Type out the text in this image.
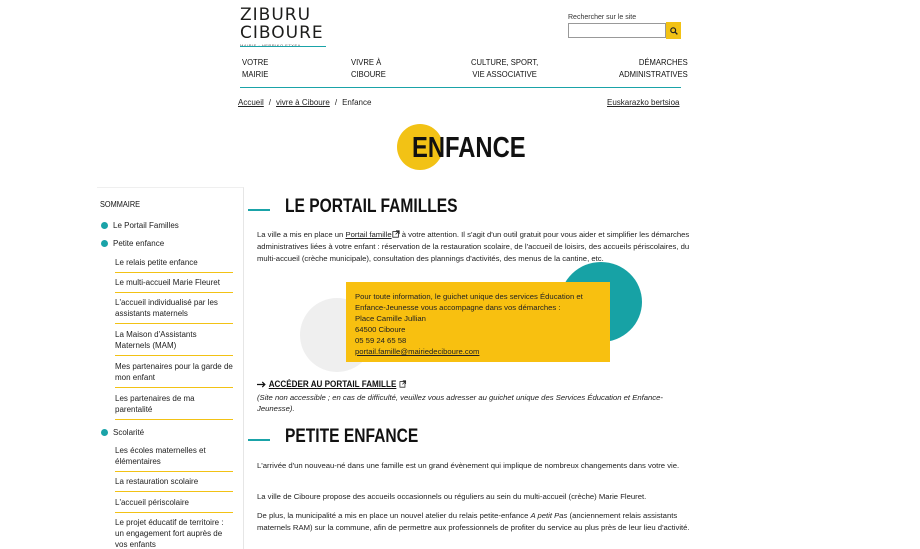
ZIBURU
CIBOURE
Rechercher sur le site
VOTRE
MAIRIE
VIVRE À
CIBOURE
CULTURE, SPORT,
VIE ASSOCIATIVE
DÉMARCHES
ADMINISTRATIVES
Accueil / vivre à Ciboure / Enfance	Euskarazko bertsioa
ENFANCE
SOMMAIRE
Le Portail Familles
Petite enfance
Le relais petite enfance
Le multi-accueil Marie Fleuret
L'accueil individualisé par les assistants maternels
La Maison d'Assistants Maternels (MAM)
Mes partenaires pour la garde de mon enfant
Les partenaires de ma parentalité
Scolarité
Les écoles maternelles et élémentaires
La restauration scolaire
L'accueil périscolaire
Le projet éducatif de territoire : un engagement fort auprès de vos enfants
LE PORTAIL FAMILLES

La ville a mis en place un Portail famille à votre attention. Il s'agit d'un outil gratuit pour vous aider et simplifier les démarches administratives liées à votre enfant : réservation de la restauration scolaire, de l'accueil de loisirs, des accueils périscolaires, du multi-accueil (crèche municipale), consultation des plannings d'activités, des menus de la cantine, etc.

Pour toute information, le guichet unique des services Éducation et Enfance-Jeunesse vous accompagne dans vos démarches :
Place Camille Jullian
64500 Ciboure
05 59 24 65 58
portail.famille@mairiedeciboure.com
ACCÉDER AU PORTAIL FAMILLE

(Site non accessible ; en cas de difficulté, veuillez vous adresser au guichet unique des Services Éducation et Enfance-Jeunesse).

PETITE ENFANCE

L'arrivée d'un nouveau-né dans une famille est un grand évènement qui implique de nombreux changements dans votre vie.

La ville de Ciboure propose des accueils occasionnels ou réguliers au sein du multi-accueil (crèche) Marie Fleuret.

De plus, la municipalité a mis en place un nouvel atelier du relais petite-enfance A petit Pas (anciennement relais assistants maternels RAM) sur la commune, afin de permettre aux professionnels de profiter du service au plus près de leur lieu d'activité.
